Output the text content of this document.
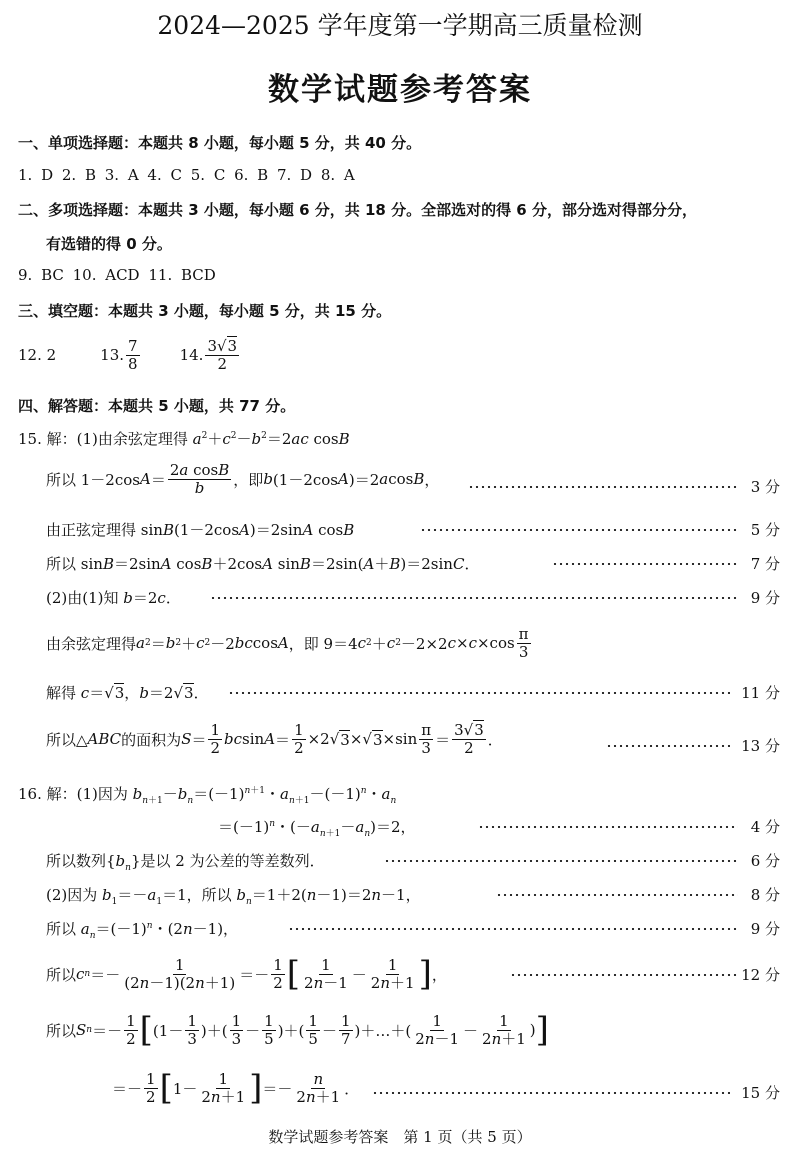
2024—2025 学年度第一学期高三质量检测
数学试题参考答案
一、单项选择题：本题共 8 小题，每小题 5 分，共 40 分。
1. D 2. B 3. A 4. C 5. C 6. B 7. D 8. A
二、多项选择题：本题共 3 小题，每小题 6 分，共 18 分。全部选对的得 6 分，部分选对得部分分，
有选错的得 0 分。
9. BC 10. ACD 11. BCD
三、填空题：本题共 3 小题，每小题 5 分，共 15 分。
12. 2	13. $\frac{7}{8}$	14. $\frac{3√3}{2}$
四、解答题：本题共 5 小题，共 77 分。
15. 解：(1)由余弦定理得 $a^2+c^2-b^2=2ac$ cosB
所以 1－2cos $A = \frac{\text{2a cosB}}{b}$ ，即 b (1－2cos A )＝2 a cos B ，	3 分
由正弦定理得 sinB(1－2cosA)＝2sinA cosB	5 分
所以 sinB＝2sinA cosB＋2cosA sinB＝2sin(A＋B)＝2sinC．	7 分
(2)由(1)知 b＝2c．	9 分
由余弦定理得 a 2 ＝ b 2 ＋ c 2 －2 bc cos A ，即 9＝4 c 2 ＋ c 2 －2×2 $c \times c \times\cos \frac{\pi}{3}$
解得 c＝√3，b＝2√3．	11 分
所以△ ABC 的面积为 $S = \frac{1}{2}$ bc $\sin A = \frac{1}{2} \times 2√$ 3 ×√ $3 \times\sin \frac{\pi}{3} = \frac{3√3}{2}$ ．	13 分
16. 解：(1)因为 $b_{n+1}-b_n=(-1)^{n+1}$・$a_{n+1}-(-1)^n$・$a_n$
$=(-1)^n$・$(-a_{n+1}-a_n)=2$，	4 分
所以数列$\{b_n\}$是以 2 为公差的等差数列．	6 分
(2)因为 $b_1=-a_1=1$，所以 $b_n=1+2(n-1)=2n-1$，	8 分
所以 $a_n=(-1)^n$・(2n－1)，	9 分
所以 c $n =- \frac{1}{(2n-1)(2n+1)} =- \frac{1}{2}$ [ $\frac{1}{2n-1} - \frac{1}{2n+1}$ ] ，	12 分
所以 S $n =- \frac{1}{2}$ [ ($1- \frac{1}{3}$ )＋( $\frac{1}{3} - \frac{1}{5}$ )＋( $\frac{1}{5} - \frac{1}{7}$ )＋…＋( $\frac{1}{2n-1} - \frac{1}{2n+1}$ ) ]
＝－ $\frac{1}{2}$ [ $1- \frac{1}{2n+1}$ ] ＝－ $\frac{n}{2n+1}$ ．	15 分
数学试题参考答案　第 1 页（共 5 页）
